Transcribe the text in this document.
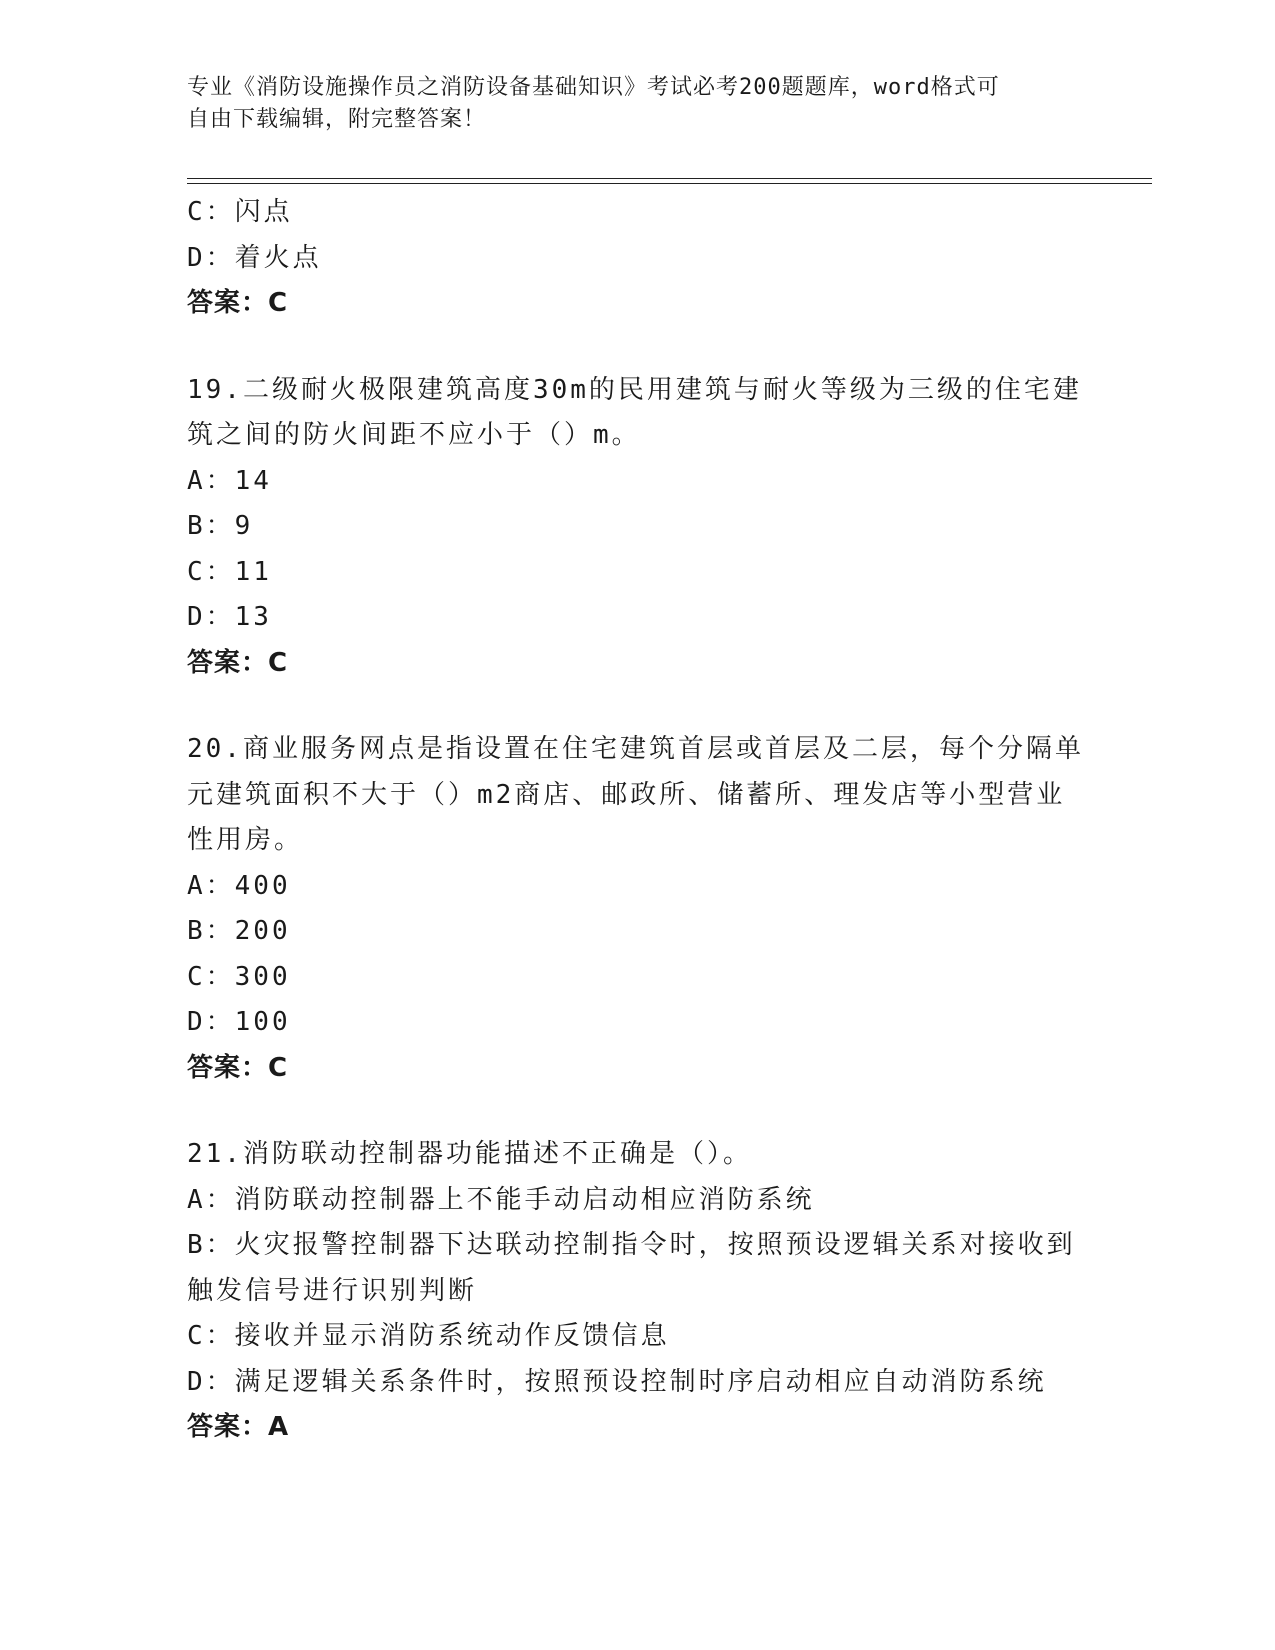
专业《消防设施操作员之消防设备基础知识》考试必考200题题库，word格式可
自由下载编辑，附完整答案！
C：闪点
D：着火点
答案：C
19.二级耐火极限建筑高度30m的民用建筑与耐火等级为三级的住宅建
筑之间的防火间距不应小于（）m。
A：14
B：9
C：11
D：13
答案：C
20.商业服务网点是指设置在住宅建筑首层或首层及二层，每个分隔单
元建筑面积不大于（）m2商店、邮政所、储蓄所、理发店等小型营业
性用房。
A：400
B：200
C：300
D：100
答案：C
21.消防联动控制器功能描述不正确是（）。
A：消防联动控制器上不能手动启动相应消防系统
B：火灾报警控制器下达联动控制指令时，按照预设逻辑关系对接收到
触发信号进行识别判断
C：接收并显示消防系统动作反馈信息
D：满足逻辑关系条件时，按照预设控制时序启动相应自动消防系统
答案：A
